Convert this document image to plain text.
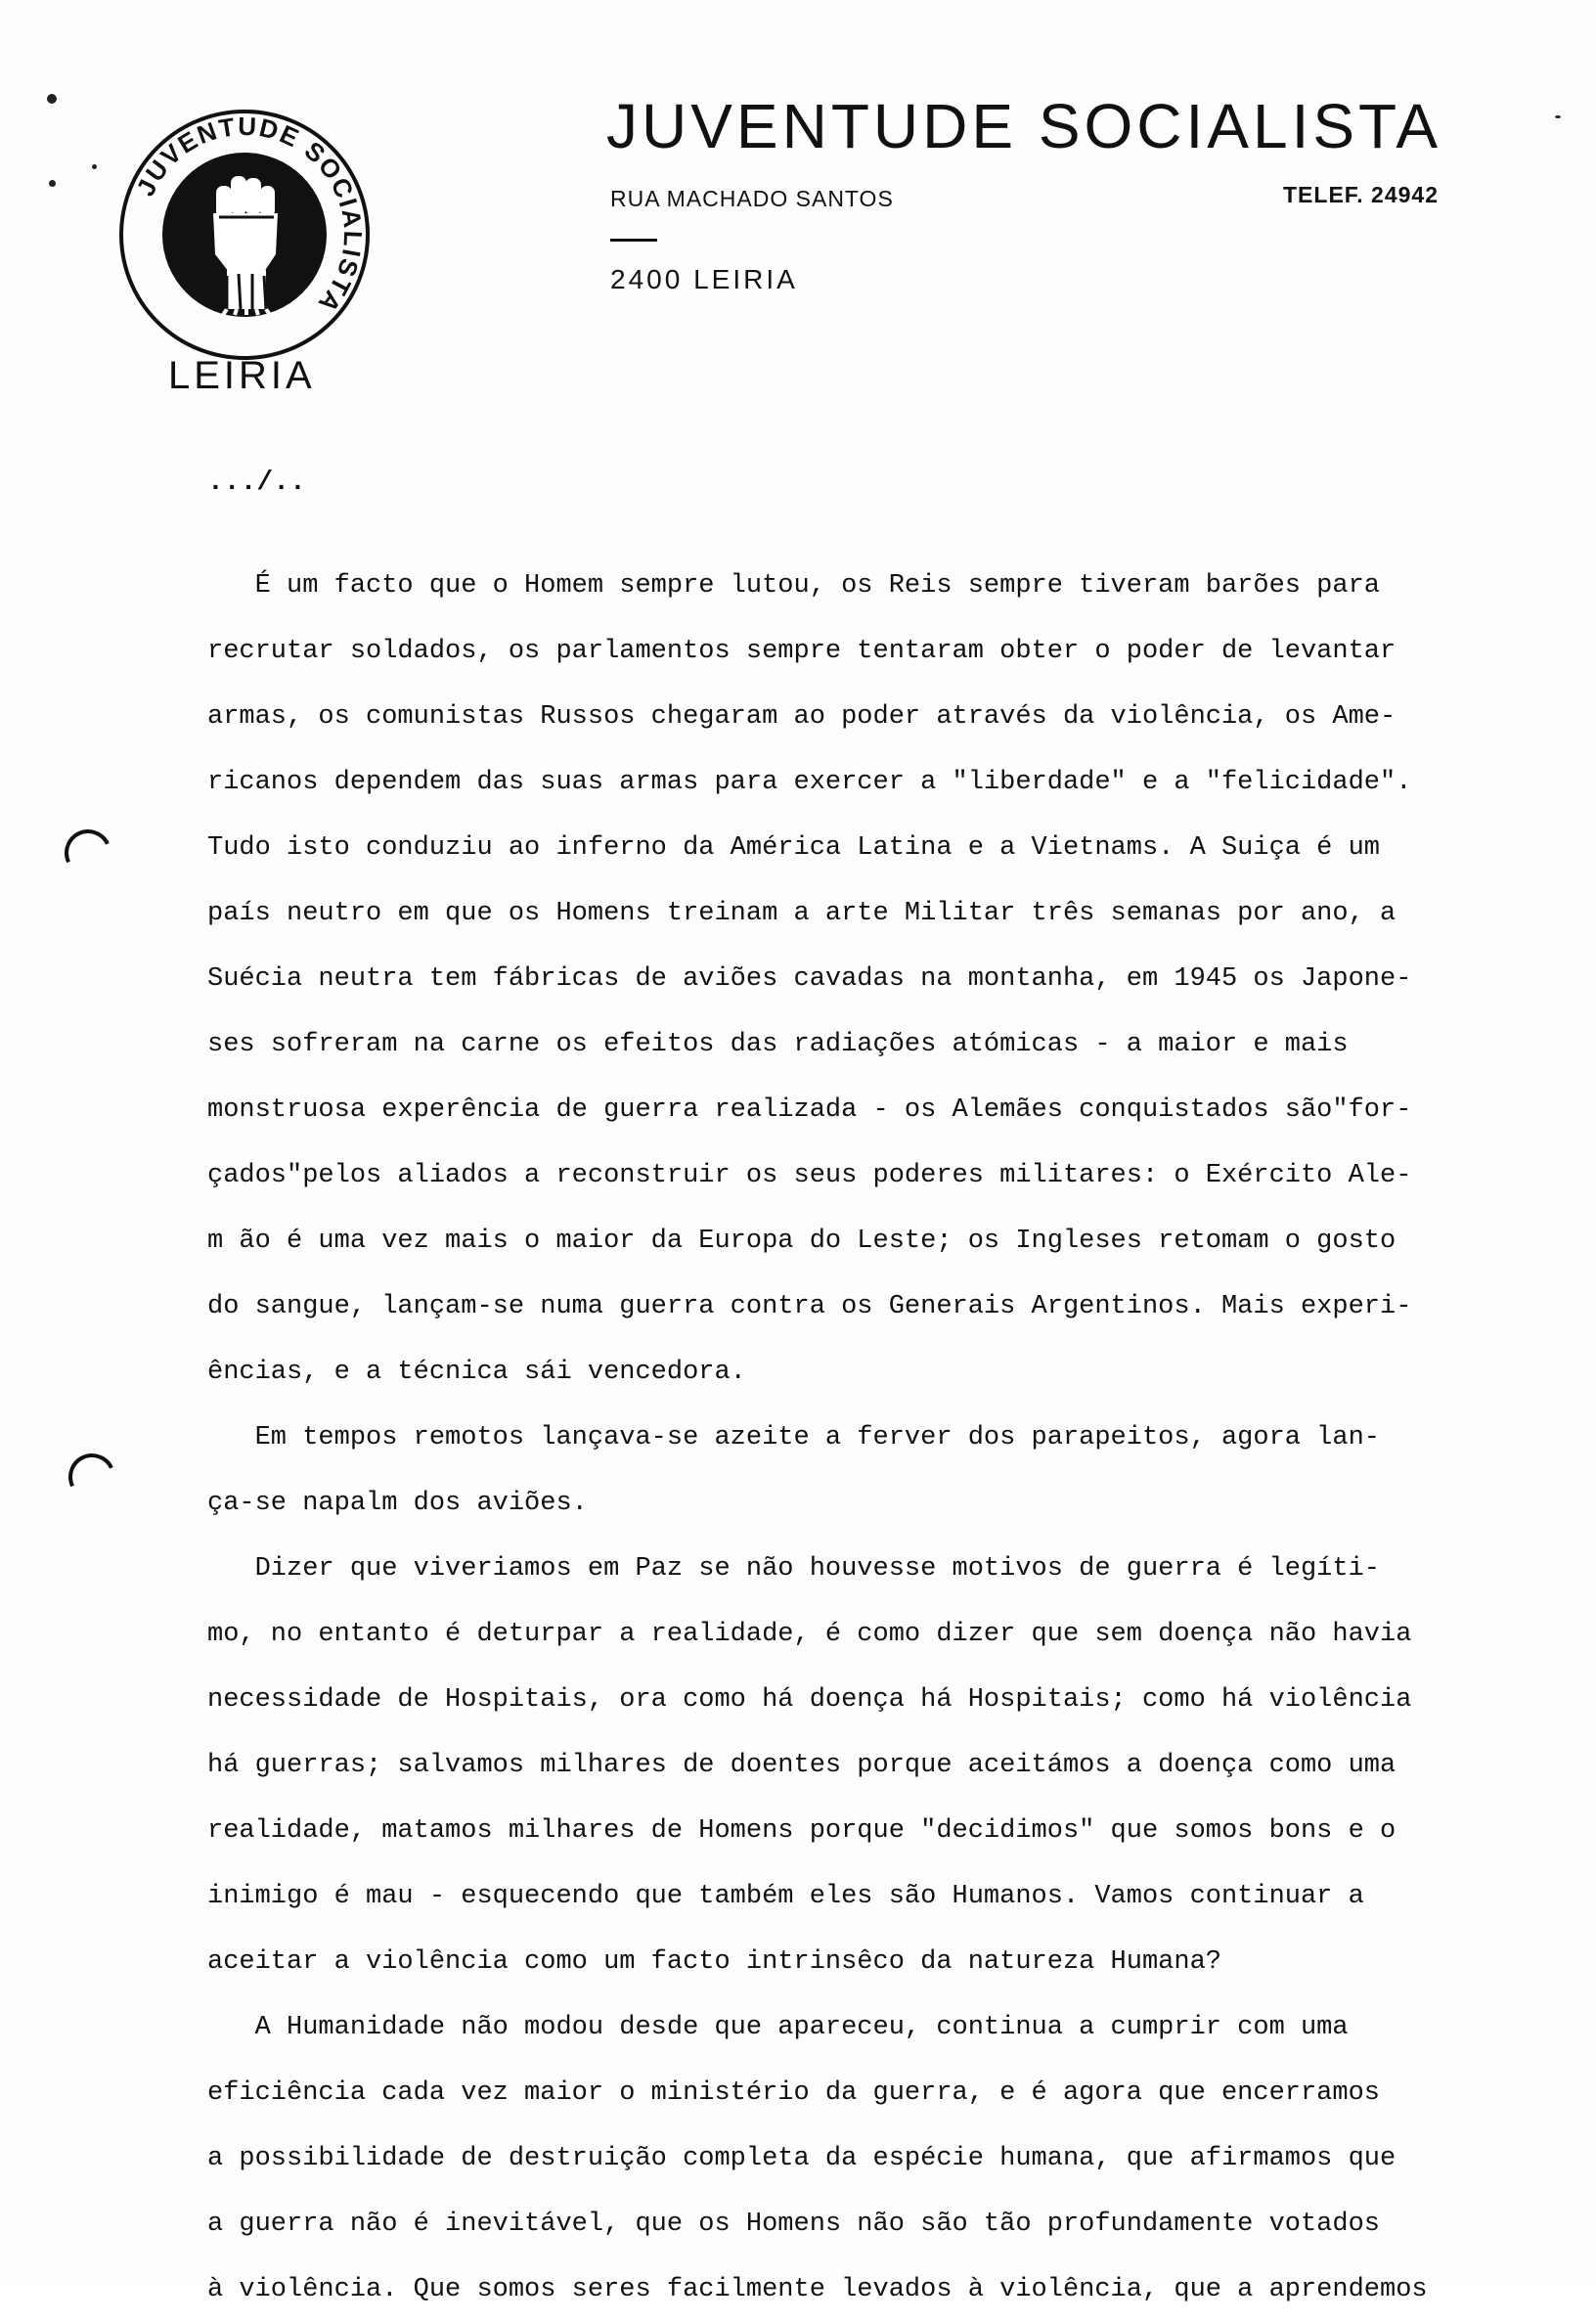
JUVENTUDE SOCIALISTA
LEIRIA
JUVENTUDE SOCIALISTA
RUA MACHADO SANTOS	TELEF. 24942
2400 LEIRIA
.../..
É um facto que o Homem sempre lutou, os Reis sempre tiveram barões para
recrutar soldados, os parlamentos sempre tentaram obter o poder de levantar
armas, os comunistas Russos chegaram ao poder através da violência, os Ame-
ricanos dependem das suas armas para exercer a "liberdade" e a "felicidade".
Tudo isto conduziu ao inferno da América Latina e a Vietnams. A Suiça é um
país neutro em que os Homens treinam a arte Militar três semanas por ano, a
Suécia neutra tem fábricas de aviões cavadas na montanha, em 1945 os Japone-
ses sofreram na carne os efeitos das radiações atómicas - a maior e mais
monstruosa experência de guerra realizada - os Alemães conquistados são"for-
çados"pelos aliados a reconstruir os seus poderes militares: o Exército Ale-
m ão é uma vez mais o maior da Europa do Leste; os Ingleses retomam o gosto
do sangue, lançam-se numa guerra contra os Generais Argentinos. Mais experi-
ências, e a técnica sái vencedora.
Em tempos remotos lançava-se azeite a ferver dos parapeitos, agora lan-
ça-se napalm dos aviões.
Dizer que viveriamos em Paz se não houvesse motivos de guerra é legíti-
mo, no entanto é deturpar a realidade, é como dizer que sem doença não havia
necessidade de Hospitais, ora como há doença há Hospitais; como há violência
há guerras; salvamos milhares de doentes porque aceitámos a doença como uma
realidade, matamos milhares de Homens porque "decidimos" que somos bons e o
inimigo é mau - esquecendo que também eles são Humanos. Vamos continuar a
aceitar a violência como um facto intrinsêco da natureza Humana?
A Humanidade não modou desde que apareceu, continua a cumprir com uma
eficiência cada vez maior o ministério da guerra, e é agora que encerramos
a possibilidade de destruição completa da espécie humana, que afirmamos que
a guerra não é inevitável, que os Homens não são tão profundamente votados
à violência. Que somos seres facilmente levados à violência, que a aprendemos
